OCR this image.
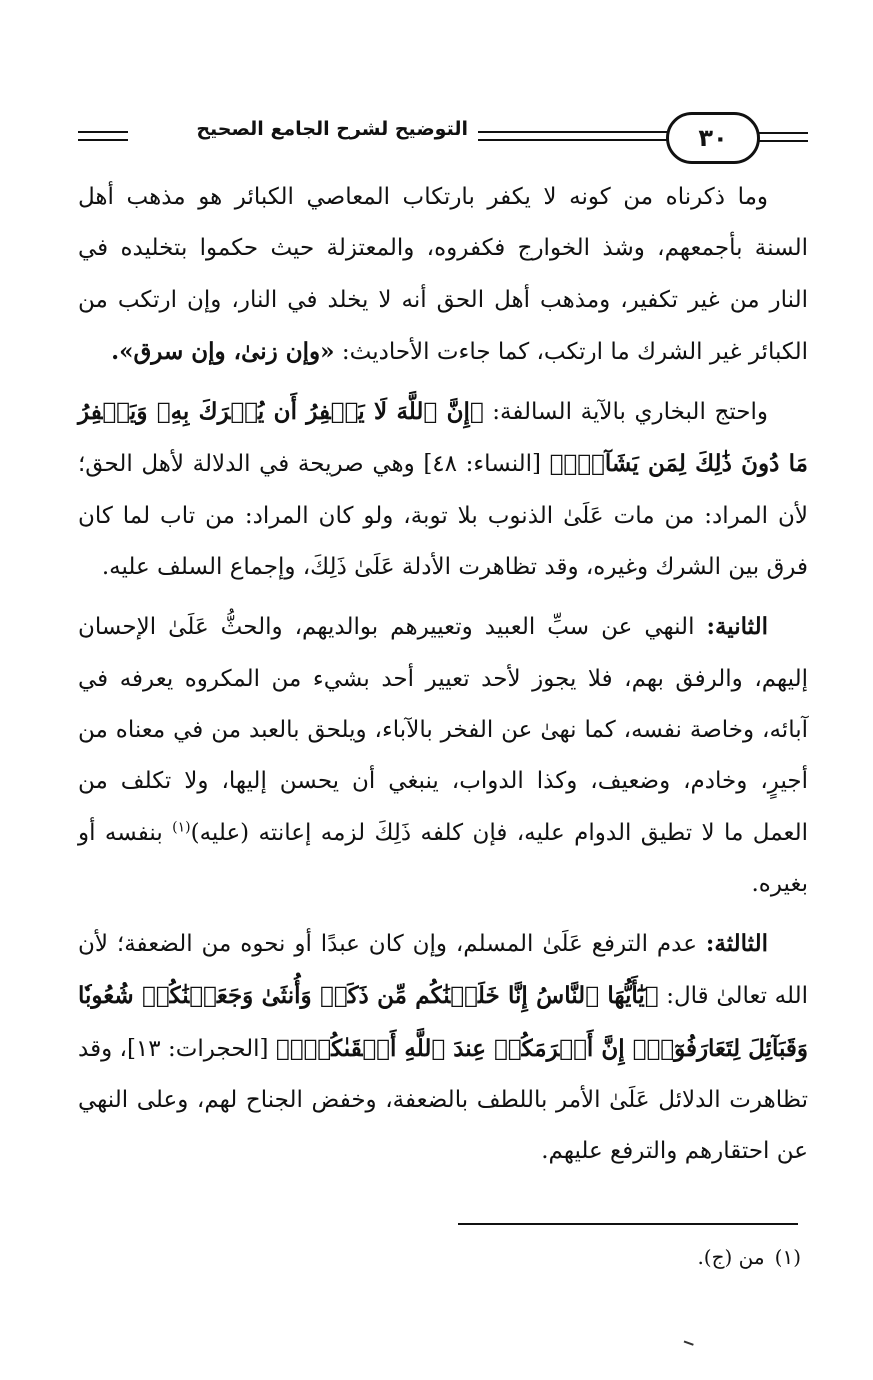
٣٠
التوضيح لشرح الجامع الصحيح

وما ذكرناه من كونه لا يكفر بارتكاب المعاصي الكبائر هو مذهب أهل السنة بأجمعهم، وشذ الخوارج فكفروه، والمعتزلة حيث حكموا بتخليده في النار من غير تكفير، ومذهب أهل الحق أنه لا يخلد في النار، وإن ارتكب من الكبائر غير الشرك ما ارتكب، كما جاءت الأحاديث: «وإن زنىٰ، وإن سرق».

واحتج البخاري بالآية السالفة: ﴿إِنَّ ٱللَّهَ لَا يَغۡفِرُ أَن يُشۡرَكَ بِهِۦ وَيَغۡفِرُ مَا دُونَ ذَٰلِكَ لِمَن يَشَآءُۚ﴾ [النساء: ٤٨] وهي صريحة في الدلالة لأهل الحق؛ لأن المراد: من مات عَلَىٰ الذنوب بلا توبة، ولو كان المراد: من تاب لما كان فرق بين الشرك وغيره، وقد تظاهرت الأدلة عَلَىٰ ذَلِكَ، وإجماع السلف عليه.

الثانية: النهي عن سبِّ العبيد وتعييرهم بوالديهم، والحثُّ عَلَىٰ الإحسان إليهم، والرفق بهم، فلا يجوز لأحد تعيير أحد بشيء من المكروه يعرفه في آبائه، وخاصة نفسه، كما نهىٰ عن الفخر بالآباء، ويلحق بالعبد من في معناه من أجيرٍ، وخادم، وضعيف، وكذا الدواب، ينبغي أن يحسن إليها، ولا تكلف من العمل ما لا تطيق الدوام عليه، فإن كلفه ذَلِكَ لزمه إعانته (عليه)$^{(١)}$ بنفسه أو بغيره.

الثالثة: عدم الترفع عَلَىٰ المسلم، وإن كان عبدًا أو نحوه من الضعفة؛ لأن الله تعالىٰ قال: ﴿يَٰٓأَيُّهَا ٱلنَّاسُ إِنَّا خَلَقۡنَٰكُم مِّن ذَكَرٖ وَأُنثَىٰ وَجَعَلۡنَٰكُمۡ شُعُوبٗا وَقَبَآئِلَ لِتَعَارَفُوٓاْۚ إِنَّ أَكۡرَمَكُمۡ عِندَ ٱللَّهِ أَتۡقَىٰكُمۡۚ﴾ [الحجرات: ١٣]، وقد تظاهرت الدلائل عَلَىٰ الأمر باللطف بالضعفة، وخفض الجناح لهم، وعلى النهي عن احتقارهم والترفع عليهم.

(١)من (ج).
